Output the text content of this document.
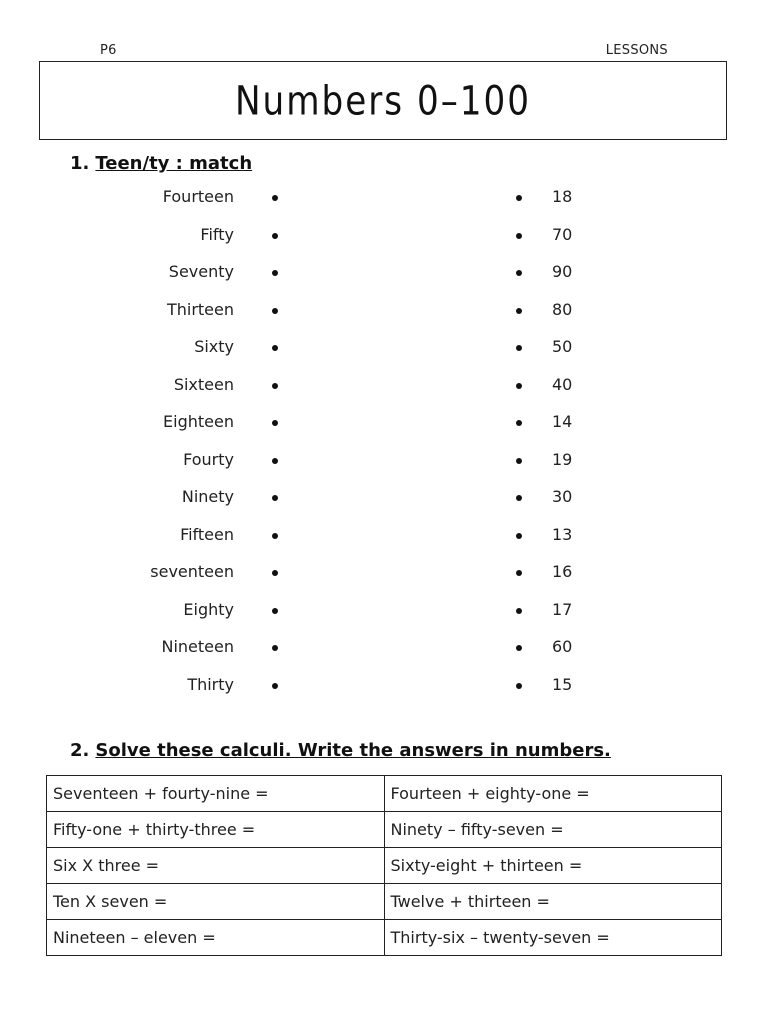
P6	LESSONS
Numbers 0–100
1. Teen/ty : match
Fourteen	18
Fifty	70
Seventy	90
Thirteen	80
Sixty	50
Sixteen	40
Eighteen	14
Fourty	19
Ninety	30
Fifteen	13
seventeen	16
Eighty	17
Nineteen	60
Thirty	15
2. Solve these calculi. Write the answers in numbers.
Seventeen + fourty-nine =	Fourteen + eighty-one =
Fifty-one + thirty-three =	Ninety – fifty-seven =
Six X three =	Sixty-eight + thirteen =
Ten X seven =	Twelve + thirteen =
Nineteen – eleven =	Thirty-six – twenty-seven =
